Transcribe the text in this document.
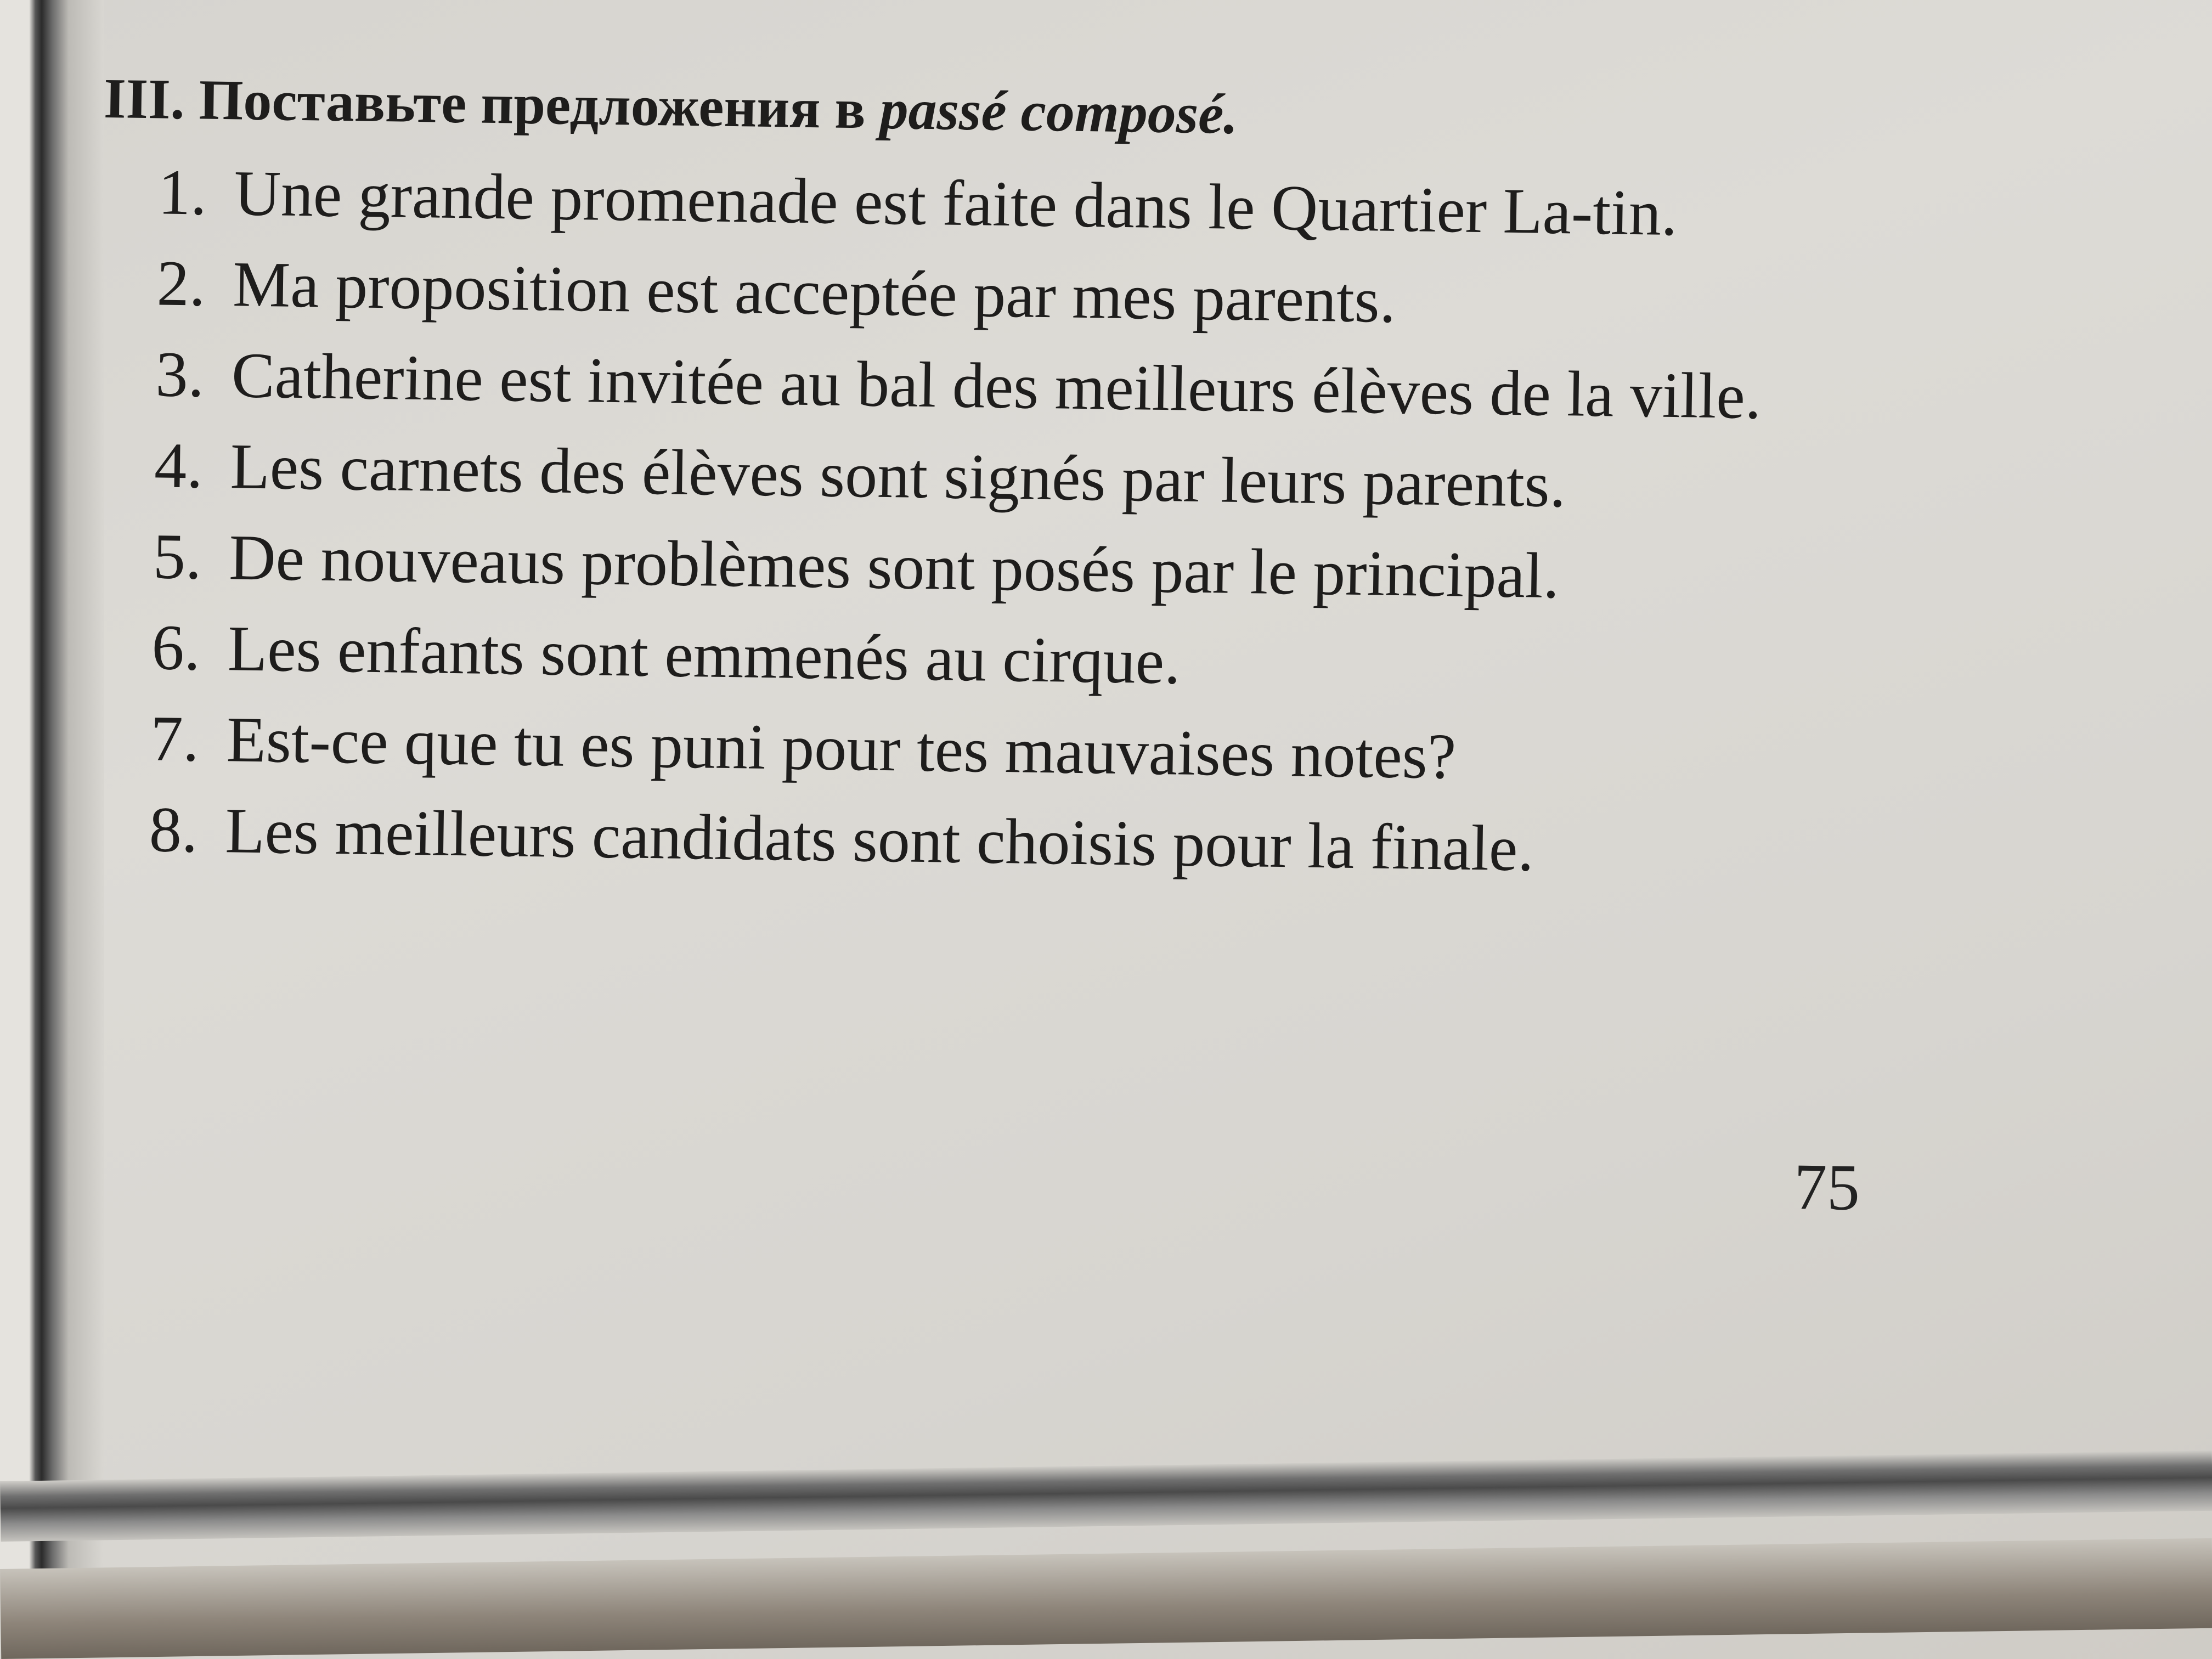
III. Поставьте предложения в passé composé.
1. Une grande promenade est faite dans le Quartier La-tin.
2. Ma proposition est acceptée par mes parents.
3. Catherine est invitée au bal des meilleurs élèves de la ville.
4. Les carnets des élèves sont signés par leurs parents.
5. De nouveaus problèmes sont posés par le principal.
6. Les enfants sont emmenés au cirque.
7. Est-ce que tu es puni pour tes mauvaises notes?
8. Les meilleurs candidats sont choisis pour la finale.
75
